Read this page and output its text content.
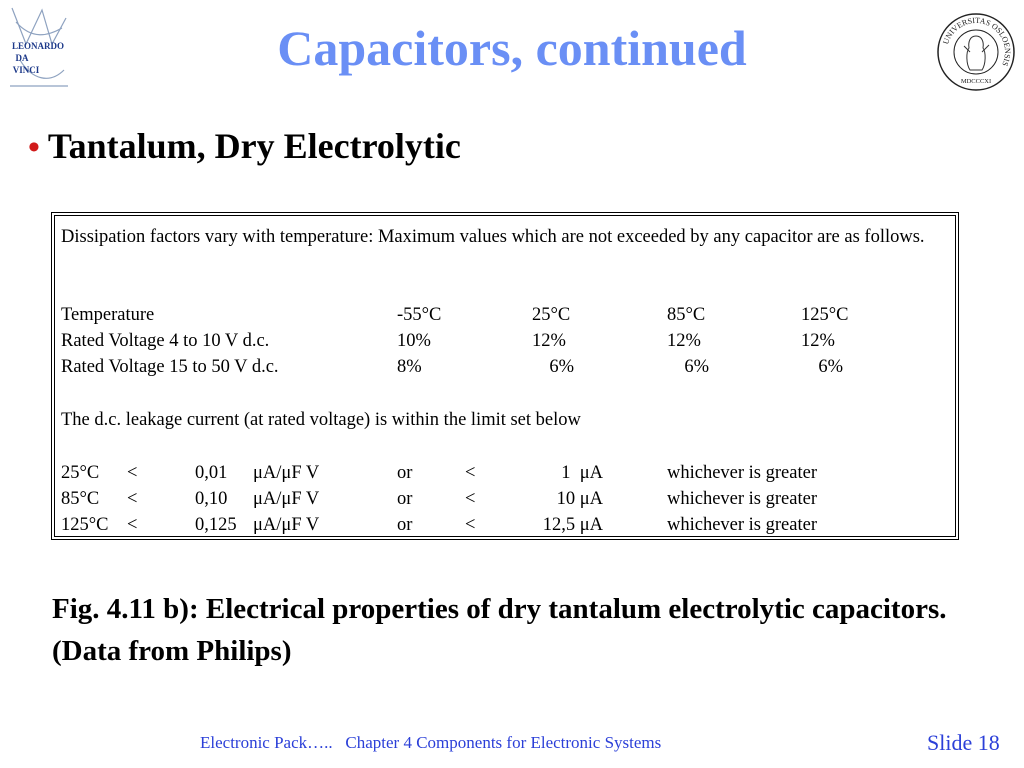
LEONARDO
DA
VINCI	Capacitors, continued	UNIVERSITAS OSLOENSIS
MDCCCXI
• Tantalum, Dry Electrolytic
Dissipation factors vary with temperature: Maximum values which are not exceeded by any capacitor are as follows.
Temperature	-55°C	25°C	85°C	125°C
Rated Voltage 4 to 10 V d.c.	10%	12%	12%	12%
Rated Voltage 15 to 50 V d.c.	8%	6%	6%	6%
The d.c. leakage current (at rated voltage) is within the limit set below
25°C <	0,01 μA/μF V	or	<	1  μA	whichever is greater
85°C <	0,10 μA/μF V	or	<	10 μA	whichever is greater
125°C <	0,125 μA/μF V	or	<	12,5 μA	whichever is greater
Fig. 4.11 b): Electrical properties of dry tantalum electrolytic capacitors. (Data from Philips)
Electronic Pack…..   Chapter 4 Components for Electronic Systems	Slide 18
